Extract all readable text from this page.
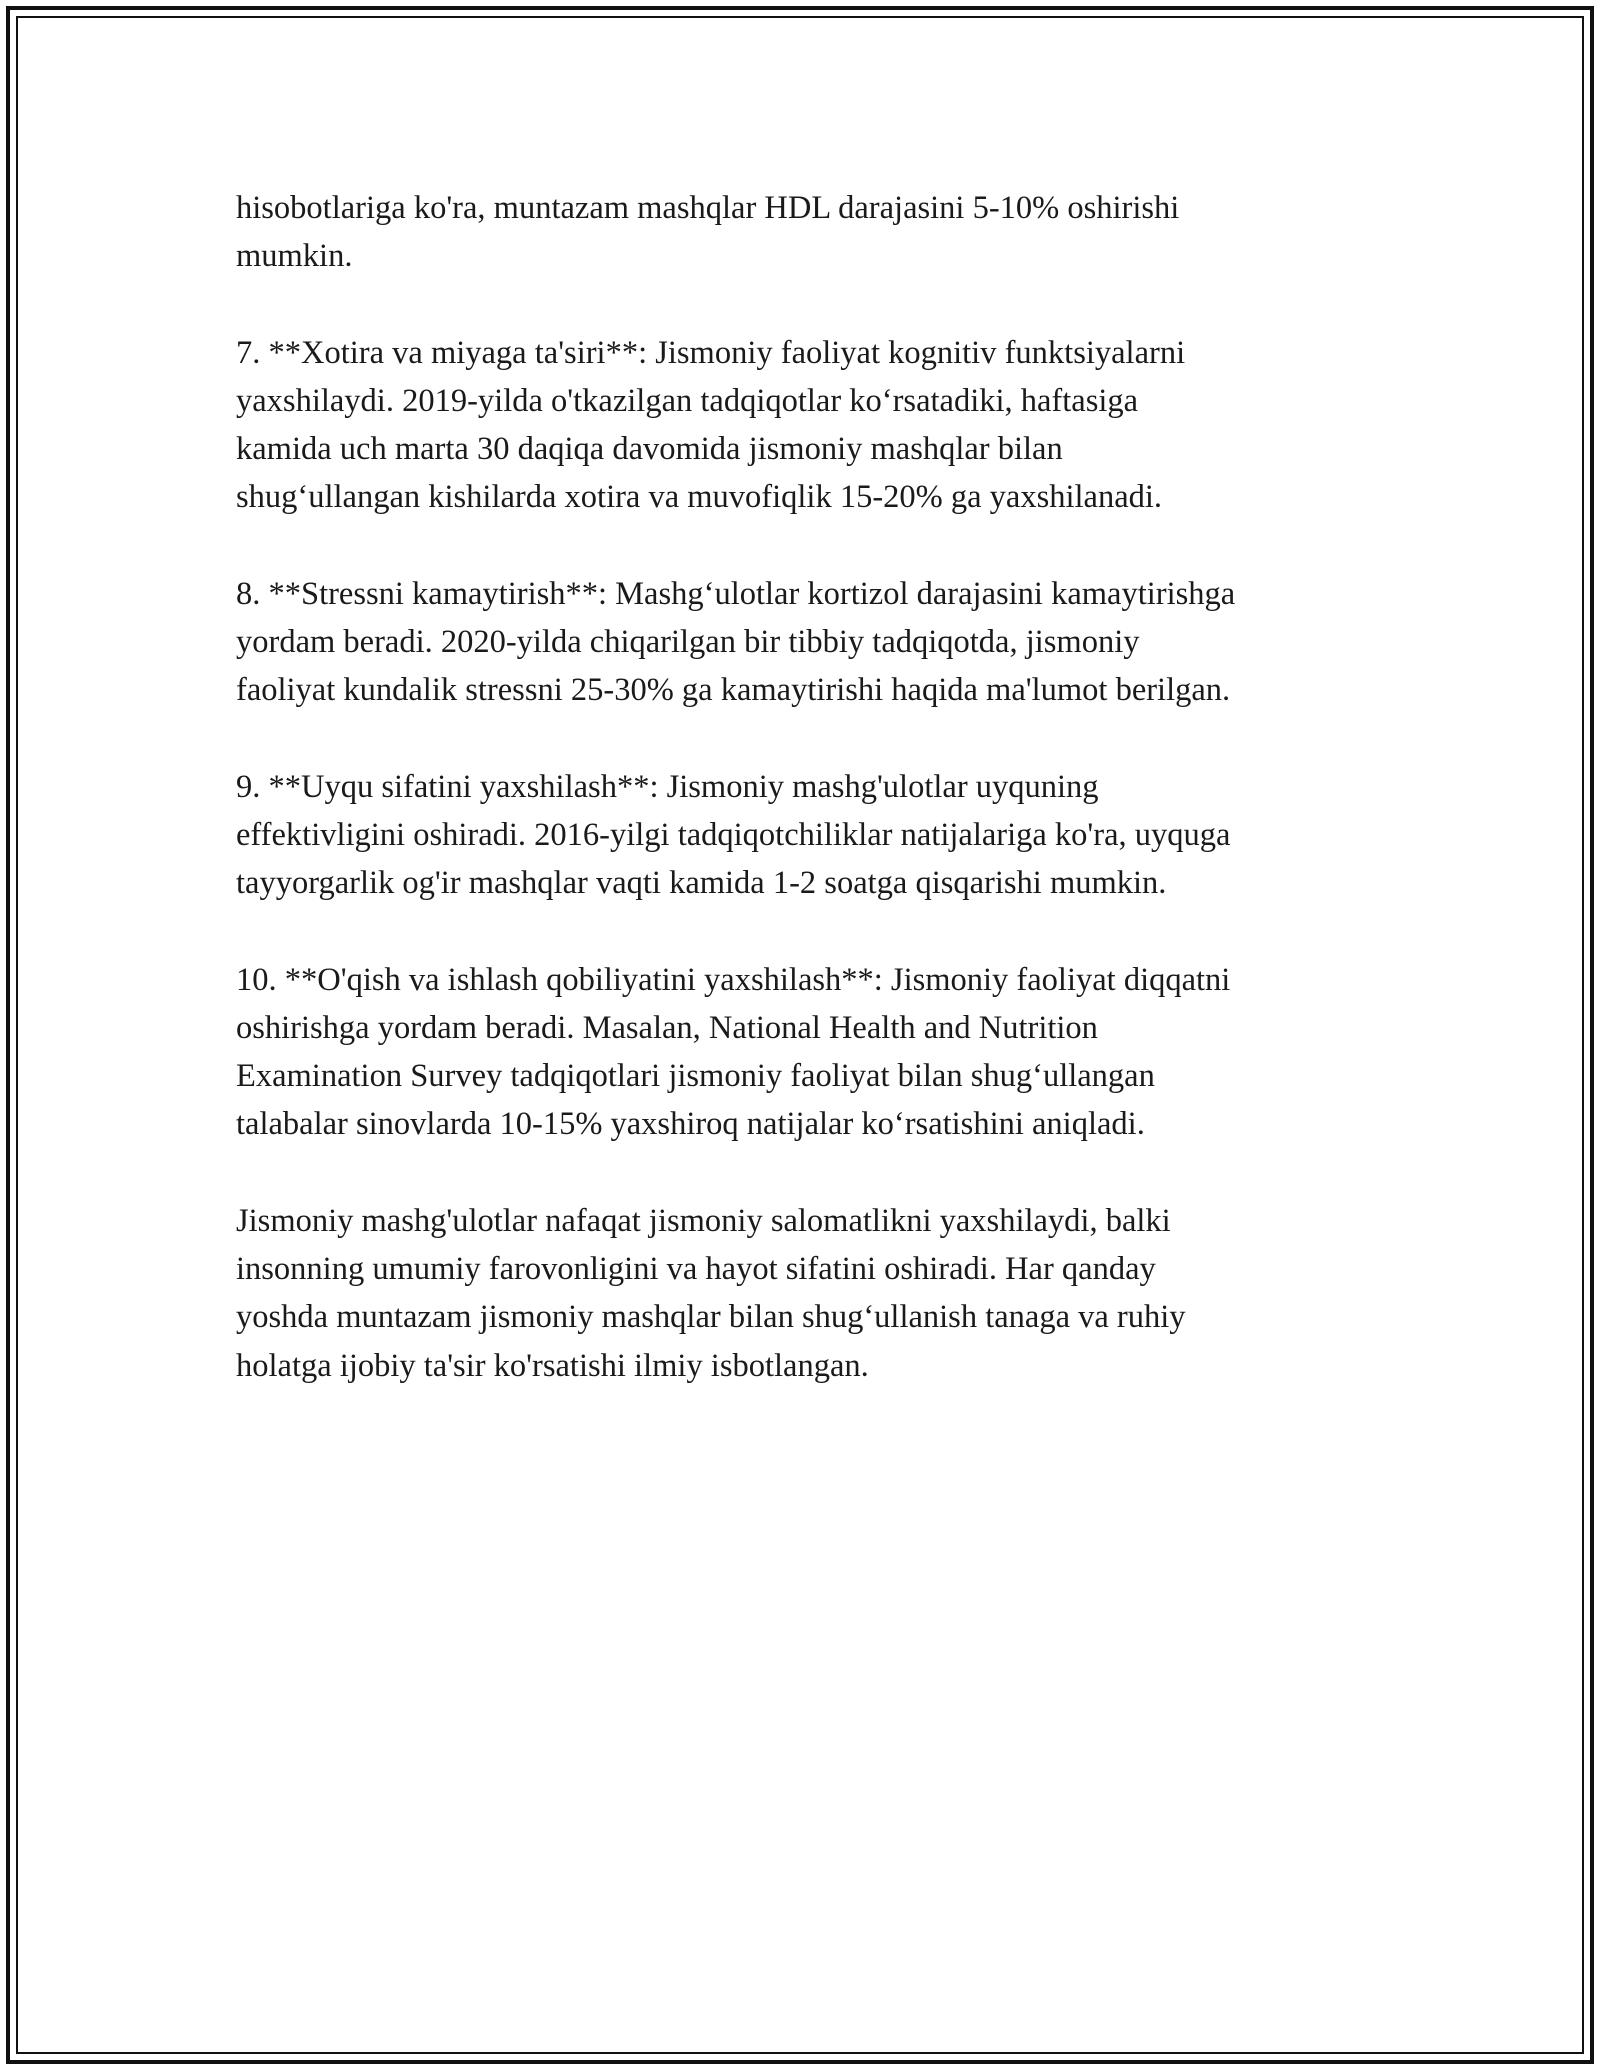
hisobotlariga ko'ra, muntazam mashqlar HDL darajasini 5-10% oshirishi
mumkin.
7. **Xotira va miyaga ta'siri**: Jismoniy faoliyat kognitiv funktsiyalarni
yaxshilaydi. 2019-yilda o'tkazilgan tadqiqotlar ko‘rsatadiki, haftasiga
kamida uch marta 30 daqiqa davomida jismoniy mashqlar bilan
shug‘ullangan kishilarda xotira va muvofiqlik 15-20% ga yaxshilanadi.
8. **Stressni kamaytirish**: Mashg‘ulotlar kortizol darajasini kamaytirishga
yordam beradi. 2020-yilda chiqarilgan bir tibbiy tadqiqotda, jismoniy
faoliyat kundalik stressni 25-30% ga kamaytirishi haqida ma'lumot berilgan.
9. **Uyqu sifatini yaxshilash**: Jismoniy mashg'ulotlar uyquning
effektivligini oshiradi. 2016-yilgi tadqiqotchiliklar natijalariga ko'ra, uyquga
tayyorgarlik og'ir mashqlar vaqti kamida 1-2 soatga qisqarishi mumkin.
10. **O'qish va ishlash qobiliyatini yaxshilash**: Jismoniy faoliyat diqqatni
oshirishga yordam beradi. Masalan, National Health and Nutrition
Examination Survey tadqiqotlari jismoniy faoliyat bilan shug‘ullangan
talabalar sinovlarda 10-15% yaxshiroq natijalar ko‘rsatishini aniqladi.
Jismoniy mashg'ulotlar nafaqat jismoniy salomatlikni yaxshilaydi, balki
insonning umumiy farovonligini va hayot sifatini oshiradi. Har qanday
yoshda muntazam jismoniy mashqlar bilan shug‘ullanish tanaga va ruhiy
holatga ijobiy ta'sir ko'rsatishi ilmiy isbotlangan.
